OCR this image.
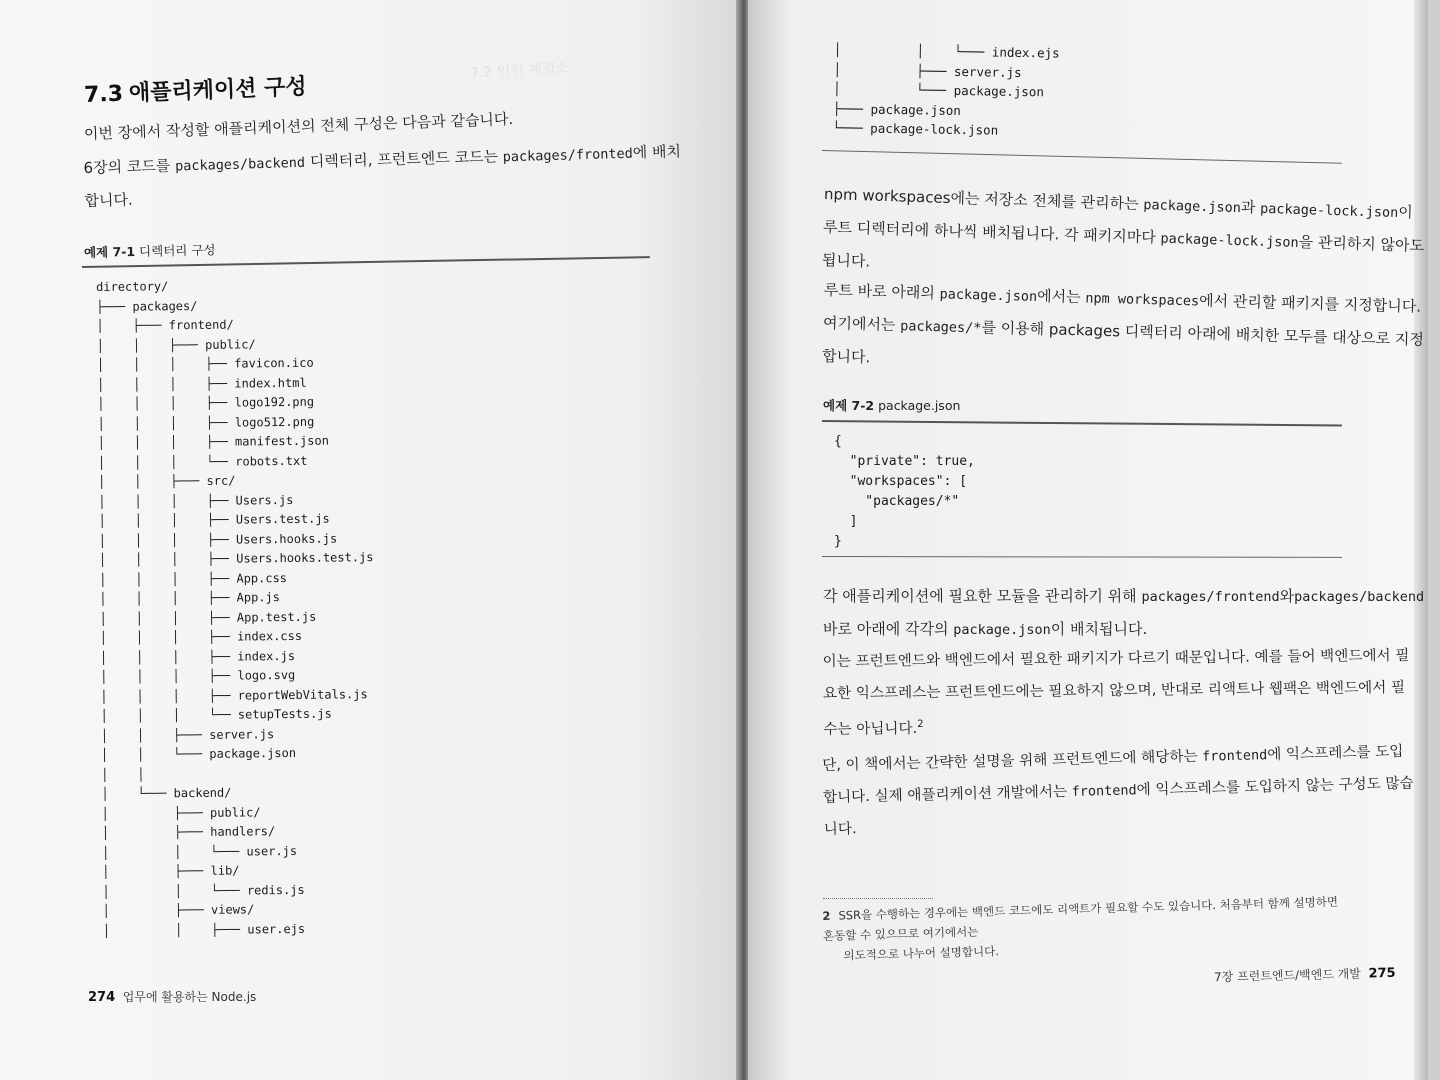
7.2 인원 계정소
7.3 애플리케이션 구성
이번 장에서 작성할 애플리케이션의 전체 구성은 다음과 같습니다.
6장의 코드를 packages/backend 디렉터리, 프런트엔드 코드는 packages/fronted에 배치
합니다.
예제 7-1 디렉터리 구성
directory/
├─── packages/
│    ├─── frontend/
│    │    ├─── public/
│    │    │    ├── favicon.ico
│    │    │    ├── index.html
│    │    │    ├── logo192.png
│    │    │    ├── logo512.png
│    │    │    ├── manifest.json
│    │    │    └── robots.txt
│    │    ├─── src/
│    │    │    ├── Users.js
│    │    │    ├── Users.test.js
│    │    │    ├── Users.hooks.js
│    │    │    ├── Users.hooks.test.js
│    │    │    ├── App.css
│    │    │    ├── App.js
│    │    │    ├── App.test.js
│    │    │    ├── index.css
│    │    │    ├── index.js
│    │    │    ├── logo.svg
│    │    │    ├── reportWebVitals.js
│    │    │    └── setupTests.js
│    │    ├─── server.js
│    │    └─── package.json
│    │
│    └─── backend/
│         ├─── public/
│         ├─── handlers/
│         │    └─── user.js
│         ├─── lib/
│         │    └─── redis.js
│         ├─── views/
│         │    ├─── user.ejs
274 업무에 활용하는 Node.js
│          │    └─── index.ejs
│          ├─── server.js
│          └─── package.json
├─── package.json
└─── package-lock.json
npm workspaces에는 저장소 전체를 관리하는 package.json과 package-lock.json이
루트 디렉터리에 하나씩 배치됩니다. 각 패키지마다 package-lock.json을 관리하지 않아도
됩니다.
루트 바로 아래의 package.json에서는 npm workspaces에서 관리할 패키지를 지정합니다.
여기에서는 packages/*를 이용해 packages 디렉터리 아래에 배치한 모두를 대상으로 지정
합니다.
예제 7-2 package.json
{
"private": true,
"workspaces": [
"packages/*"
]
}
각 애플리케이션에 필요한 모듈을 관리하기 위해 packages/frontend와packages/backend
바로 아래에 각각의 package.json이 배치됩니다.
이는 프런트엔드와 백엔드에서 필요한 패키지가 다르기 때문입니다. 예를 들어 백엔드에서 필
요한 익스프레스는 프런트엔드에는 필요하지 않으며, 반대로 리액트나 웹팩은 백엔드에서 필
수는 아닙니다.$^2$
단, 이 책에서는 간략한 설명을 위해 프런트엔드에 해당하는 frontend에 익스프레스를 도입
합니다. 실제 애플리케이션 개발에서는 frontend에 익스프레스를 도입하지 않는 구성도 많습
니다.
2 SSR을 수행하는 경우에는 백엔드 코드에도 리액트가 필요할 수도 있습니다. 처음부터 함께 설명하면 혼동할 수 있으므로 여기에서는
의도적으로 나누어 설명합니다.
7장 프런트엔드/백엔드 개발 275
